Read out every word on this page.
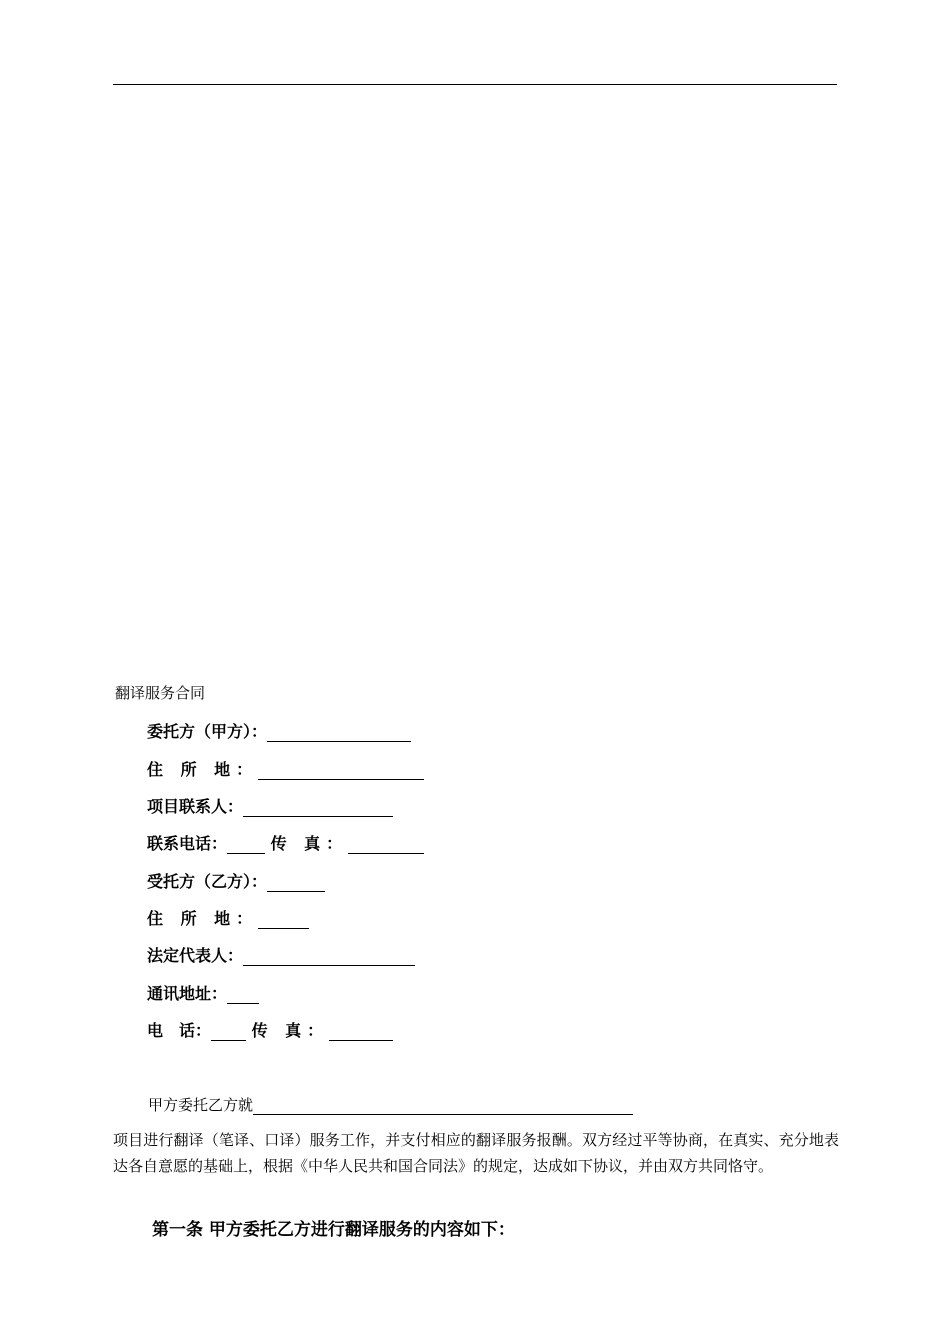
翻译服务合同
委托方（甲方）：
住 所 地：
项目联系人：
联系电话：	传 真：
受托方（乙方）：
住 所 地：
法定代表人：
通讯地址：
电　话：	传 真：
甲方委托乙方就
项目进行翻译（笔译、口译）服务工作，并支付相应的翻译服务报酬。双方经过平等协商，在真实、充分地表达各自意愿的基础上，根据《中华人民共和国合同法》的规定，达成如下协议，并由双方共同恪守。
第一条 甲方委托乙方进行翻译服务的内容如下：
